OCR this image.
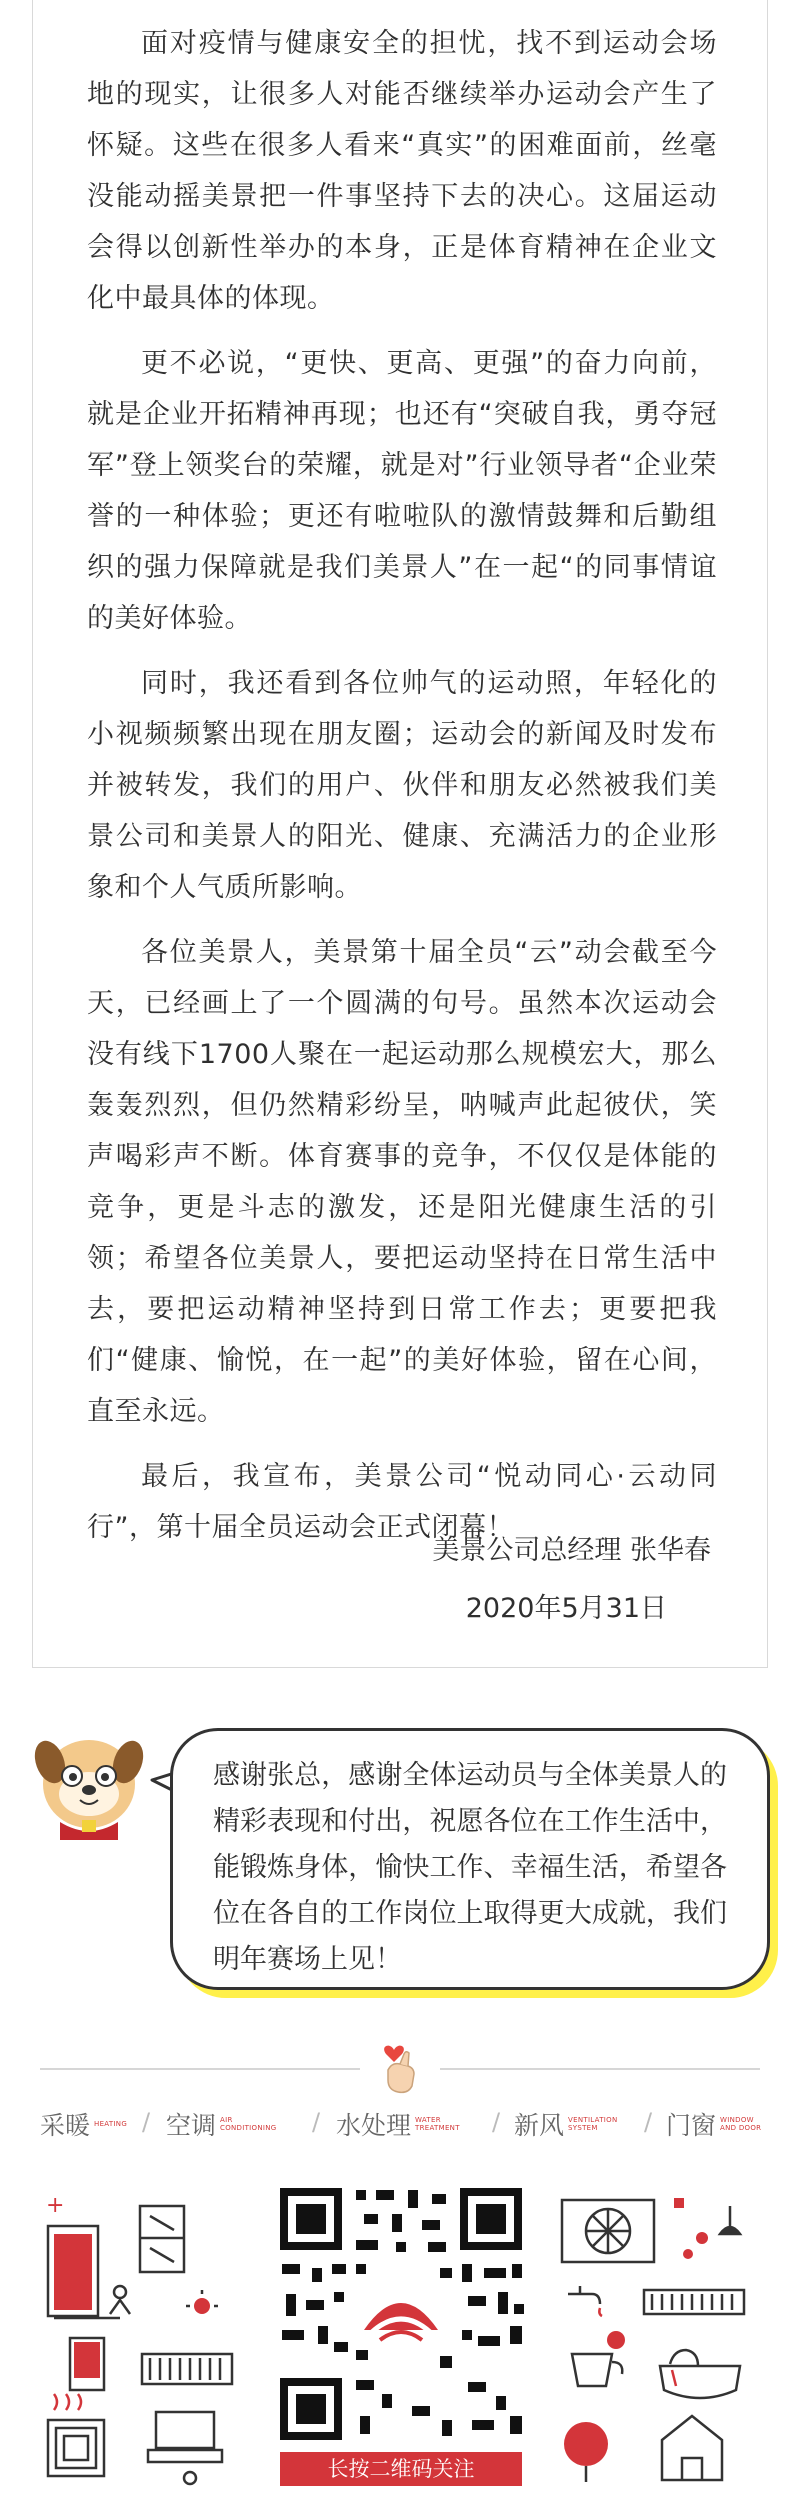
面对疫情与健康安全的担忧，找不到运动会场地的现实，让很多人对能否继续举办运动会产生了怀疑。这些在很多人看来“真实”的困难面前，丝毫没能动摇美景把一件事坚持下去的决心。这届运动会得以创新性举办的本身，正是体育精神在企业文化中最具体的体现。

更不必说，“更快、更高、更强”的奋力向前，就是企业开拓精神再现；也还有“突破自我，勇夺冠军”登上领奖台的荣耀，就是对”行业领导者“企业荣誉的一种体验；更还有啦啦队的激情鼓舞和后勤组织的强力保障就是我们美景人”在一起“的同事情谊的美好体验。

同时，我还看到各位帅气的运动照，年轻化的小视频频繁出现在朋友圈；运动会的新闻及时发布并被转发，我们的用户、伙伴和朋友必然被我们美景公司和美景人的阳光、健康、充满活力的企业形象和个人气质所影响。

各位美景人，美景第十届全员“云”动会截至今天，已经画上了一个圆满的句号。虽然本次运动会没有线下1700人聚在一起运动那么规模宏大，那么轰轰烈烈，但仍然精彩纷呈，呐喊声此起彼伏，笑声喝彩声不断。体育赛事的竞争，不仅仅是体能的竞争，更是斗志的激发，还是阳光健康生活的引领；希望各位美景人，要把运动坚持在日常生活中去，要把运动精神坚持到日常工作去；更要把我们“健康、愉悦，在一起”的美好体验，留在心间，直至永远。

最后，我宣布，美景公司“悦动同心·云动同行”，第十届全员运动会正式闭幕！

美景公司总经理 张华春
2020年5月31日
感谢张总，感谢全体运动员与全体美景人的精彩表现和付出，祝愿各位在工作生活中，能锻炼身体，愉快工作、幸福生活，希望各位在各自的工作岗位上取得更大成就，我们明年赛场上见！
采暖 HEATING / 空调 AIR CONDITIONING / 水处理 WATER TREATMENT / 新风 VENTILATION SYSTEM	/ 门窗 WINDOW AND DOOR
+
长按二维码关注
